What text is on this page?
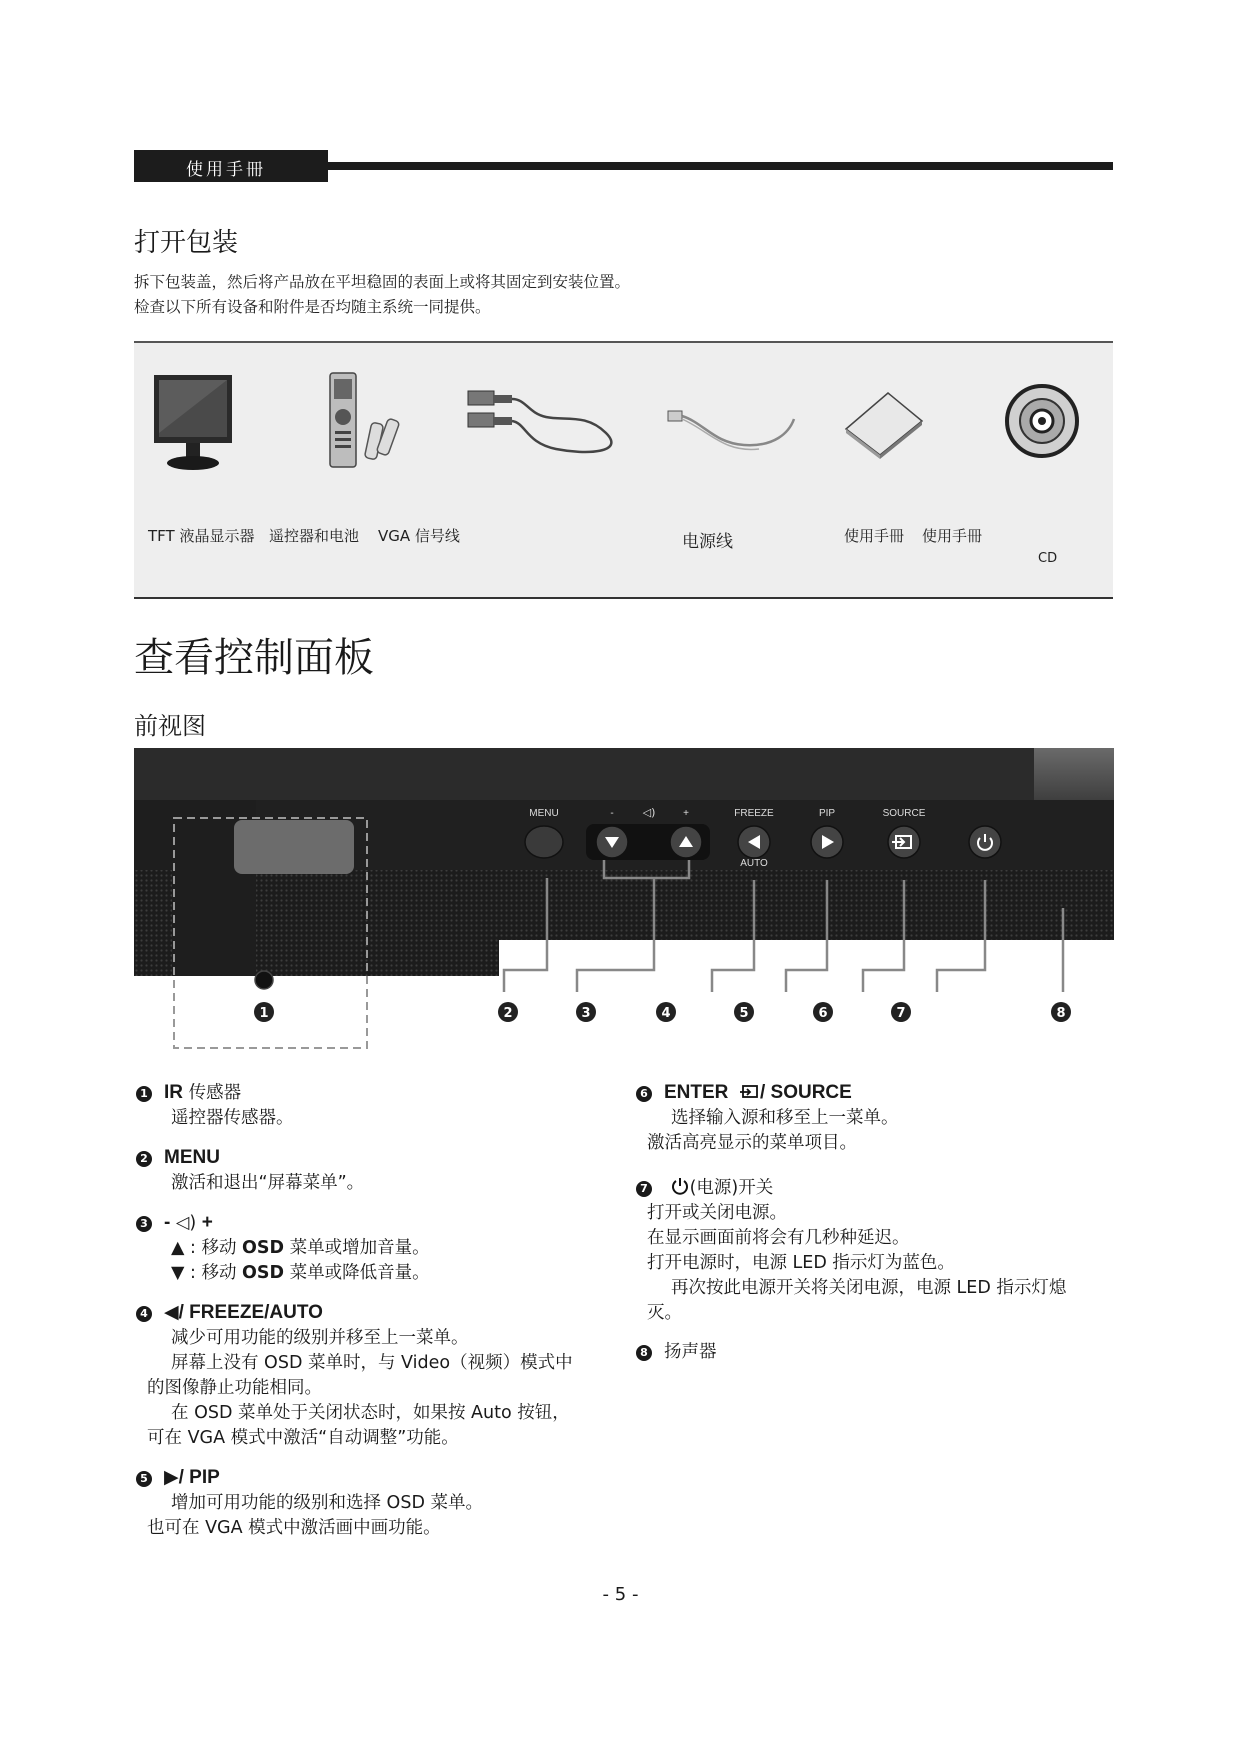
使用手冊
打开包装
拆下包装盖，然后将产品放在平坦稳固的表面上或将其固定到安装位置。
检查以下所有设备和附件是否均随主系统一同提供。
TFT 液晶显示器 遥控器和电池 VGA 信号线	电源线	使用手冊 使用手冊
CD
查看控制面板
前视图
MENU	-	◁)	+	FREEZE
AUTO
PIP	SOURCE
1	2	3	4	5	6	7	8
1 IR 传感器
遥控器传感器。
2 MENU
激活和退出“屏幕菜单”。
3 - ◁) +
▲ : 移动 OSD 菜单或增加音量。
▼ : 移动 OSD 菜单或降低音量。
4 ◀/ FREEZE/AUTO
减少可用功能的级别并移至上一菜单。
屏幕上没有 OSD 菜单时，与 Video（视频）模式中
的图像静止功能相同。
在 OSD 菜单处于关闭状态时，如果按 Auto 按钮，
可在 VGA 模式中激活“自动调整”功能。
5 ▶/ PIP
增加可用功能的级别和选择 OSD 菜单。
也可在 VGA 模式中激活画中画功能。
6 ENTER / SOURCE
选择输入源和移至上一菜单。
激活高亮显示的菜单项目。
7 (电源)开关
打开或关闭电源。
在显示画面前将会有几秒种延迟。
打开电源时，电源 LED 指示灯为蓝色。
再次按此电源开关将关闭电源，电源 LED 指示灯熄
灭。
8 扬声器
- 5 -
